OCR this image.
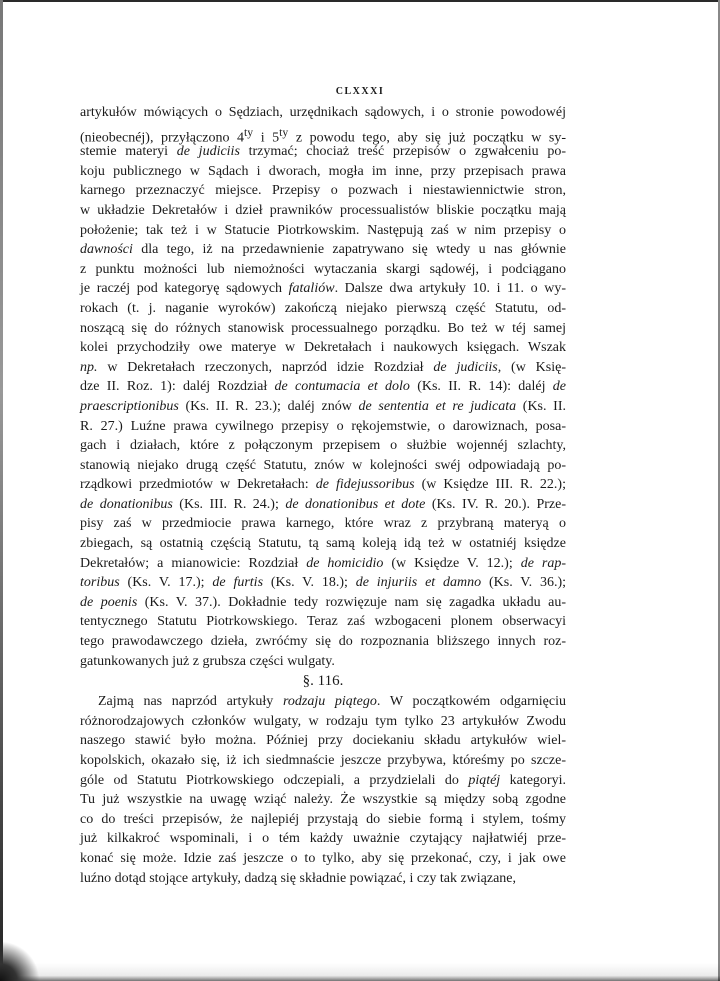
CLXXXI
artykułów mówiących o Sędziach, urzędnikach sądowych, i o stronie powodowéj
(nieobecnéj), przyłączono $4^{ty}$ i $5^{ty}$ z powodu tego, aby się już początku w sy-
stemie materyi de judiciis trzymać; chociaż treść przepisów o zgwałceniu po-
koju publicznego w Sądach i dworach, mogła im inne, przy przepisach prawa
karnego przeznaczyć miejsce. Przepisy o pozwach i niestawiennictwie stron,
w układzie Dekretałów i dzieł prawników processualistów bliskie początku mają
położenie; tak też i w Statucie Piotrkowskim. Następują zaś w nim przepisy o
dawności dla tego, iż na przedawnienie zapatrywano się wtedy u nas głównie
z punktu możności lub niemożności wytaczania skargi sądowéj, i podciągano
je raczéj pod kategoryę sądowych fataliów. Dalsze dwa artykuły 10. i 11. o wy-
rokach (t. j. naganie wyroków) zakończą niejako pierwszą część Statutu, od-
noszącą się do różnych stanowisk processualnego porządku. Bo też w téj samej
kolei przychodziły owe materye w Dekretałach i naukowych księgach. Wszak
np. w Dekretałach rzeczonych, naprzód idzie Rozdział de judiciis, (w Księ-
dze II. Roz. 1): daléj Rozdział de contumacia et dolo (Ks. II. R. 14): daléj de
praescriptionibus (Ks. II. R. 23.); daléj znów de sententia et re judicata (Ks. II.
R. 27.) Luźne prawa cywilnego przepisy o rękojemstwie, o darowiznach, posa-
gach i działach, które z połączonym przepisem o służbie wojennéj szlachty,
stanowią niejako drugą część Statutu, znów w kolejności swéj odpowiadają po-
rządkowi przedmiotów w Dekretałach: de fidejussoribus (w Księdze III. R. 22.);
de donationibus (Ks. III. R. 24.); de donationibus et dote (Ks. IV. R. 20.). Prze-
pisy zaś w przedmiocie prawa karnego, które wraz z przybraną materyą o
zbiegach, są ostatnią częścią Statutu, tą samą koleją idą też w ostatniéj księdze
Dekretałów; a mianowicie: Rozdział de homicidio (w Księdze V. 12.); de rap-
toribus (Ks. V. 17.); de furtis (Ks. V. 18.); de injuriis et damno (Ks. V. 36.);
de poenis (Ks. V. 37.). Dokładnie tedy rozwięzuje nam się zagadka układu au-
tentycznego Statutu Piotrkowskiego. Teraz zaś wzbogaceni plonem obserwacyi
tego prawodawczego dzieła, zwróćmy się do rozpoznania bliższego innych roz-
gatunkowanych już z grubsza części wulgaty.
§. 116.
Zajmą nas naprzód artykuły rodzaju piątego. W początkowém odgarnięciu
różnorodzajowych członków wulgaty, w rodzaju tym tylko 23 artykułów Zwodu
naszego stawić było można. Później przy dociekaniu składu artykułów wiel-
kopolskich, okazało się, iż ich siedmnaście jeszcze przybywa, któreśmy po szcze-
góle od Statutu Piotrkowskiego odczepiali, a przydzielali do piątéj kategoryi.
Tu już wszystkie na uwagę wziąć należy. Że wszystkie są między sobą zgodne
co do treści przepisów, że najlepiéj przystają do siebie formą i stylem, tośmy
już kilkakroć wspominali, i o tém każdy uważnie czytający najłatwiéj prze-
konać się może. Idzie zaś jeszcze o to tylko, aby się przekonać, czy, i jak owe
luźno dotąd stojące artykuły, dadzą się składnie powiązać, i czy tak związane,
